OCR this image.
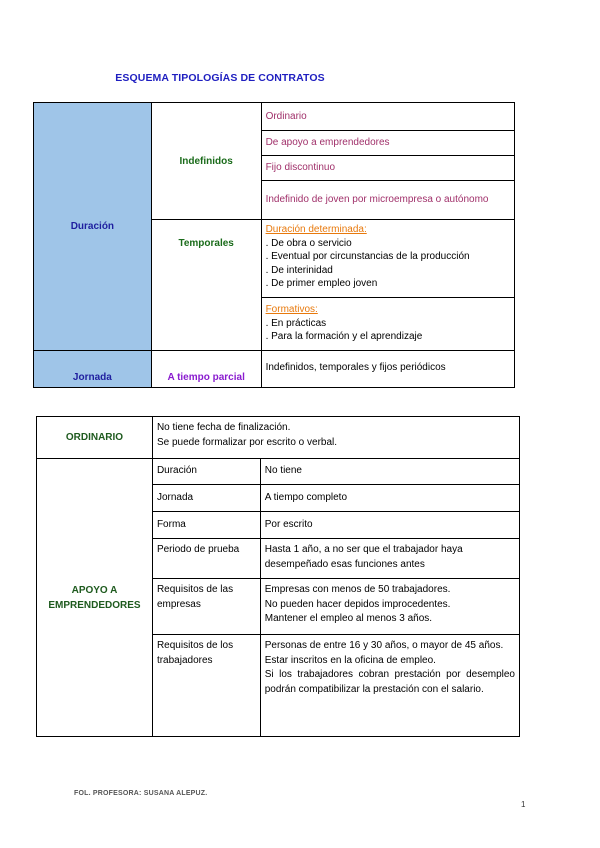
ESQUEMA TIPOLOGÍAS DE CONTRATOS
Duración	Indefinidos	Ordinario
		De apoyo a emprendedores
		Fijo discontinuo
		Indefinido de joven por microempresa o autónomo
	Temporales	Duración determinada:
. De obra o servicio
. Eventual por circunstancias de la producción
. De interinidad
. De primer empleo joven

		Formativos:
. En prácticas
. Para la formación y el aprendizaje

Jornada	A tiempo parcial	Indefinidos, temporales y fijos periódicos
ORDINARIO	No tiene fecha de finalización.
Se puede formalizar por escrito o verbal.	

APOYO A EMPRENDEDORES	Duración	No tiene
	Jornada	A tiempo completo
	Forma	Por escrito
	Periodo de prueba	Hasta 1 año, a no ser que el trabajador haya desempeñado esas funciones antes
	Requisitos de las empresas	Empresas con menos de 50 trabajadores.
No pueden hacer depidos improcedentes.
Mantener el empleo al menos 3 años.

	Requisitos de los trabajadores	Personas de entre 16 y 30 años, o mayor de 45 años.
Estar inscritos en la oficina de empleo.
Si los trabajadores cobran prestación por desempleo podrán compatibilizar la prestación con el salario.
FOL. PROFESORA: SUSANA ALEPUZ.
1
